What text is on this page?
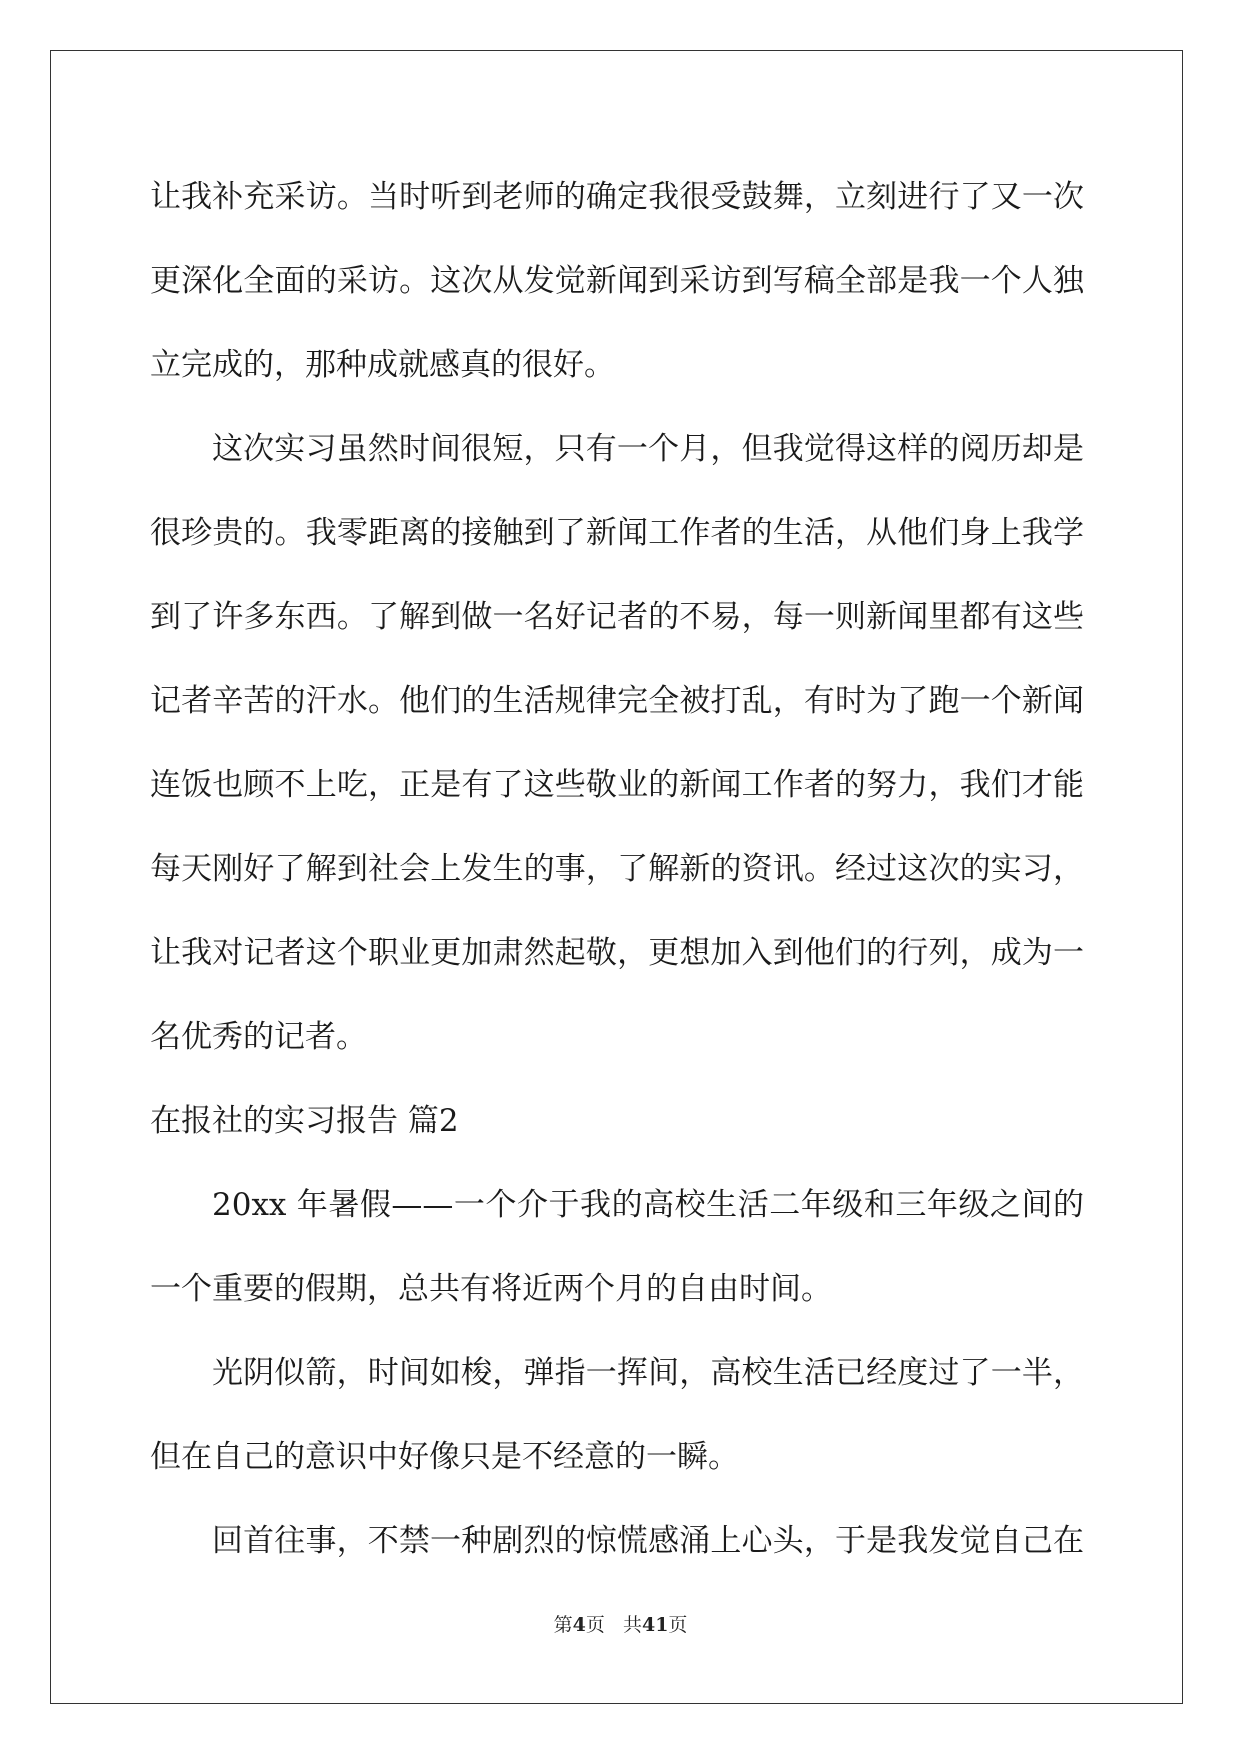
让我补充采访。当时听到老师的确定我很受鼓舞，立刻进行了又一次
更深化全面的采访。这次从发觉新闻到采访到写稿全部是我一个人独
立完成的，那种成就感真的很好。
这次实习虽然时间很短，只有一个月，但我觉得这样的阅历却是
很珍贵的。我零距离的接触到了新闻工作者的生活，从他们身上我学
到了许多东西。了解到做一名好记者的不易，每一则新闻里都有这些
记者辛苦的汗水。他们的生活规律完全被打乱，有时为了跑一个新闻
连饭也顾不上吃，正是有了这些敬业的新闻工作者的努力，我们才能
每天刚好了解到社会上发生的事，了解新的资讯。经过这次的实习，
让我对记者这个职业更加肃然起敬，更想加入到他们的行列，成为一
名优秀的记者。
在报社的实习报告 篇2
20xx 年暑假——一个介于我的高校生活二年级和三年级之间的
一个重要的假期，总共有将近两个月的自由时间。
光阴似箭，时间如梭，弹指一挥间，高校生活已经度过了一半，
但在自己的意识中好像只是不经意的一瞬。
回首往事，不禁一种剧烈的惊慌感涌上心头，于是我发觉自己在
第4页 共41页
